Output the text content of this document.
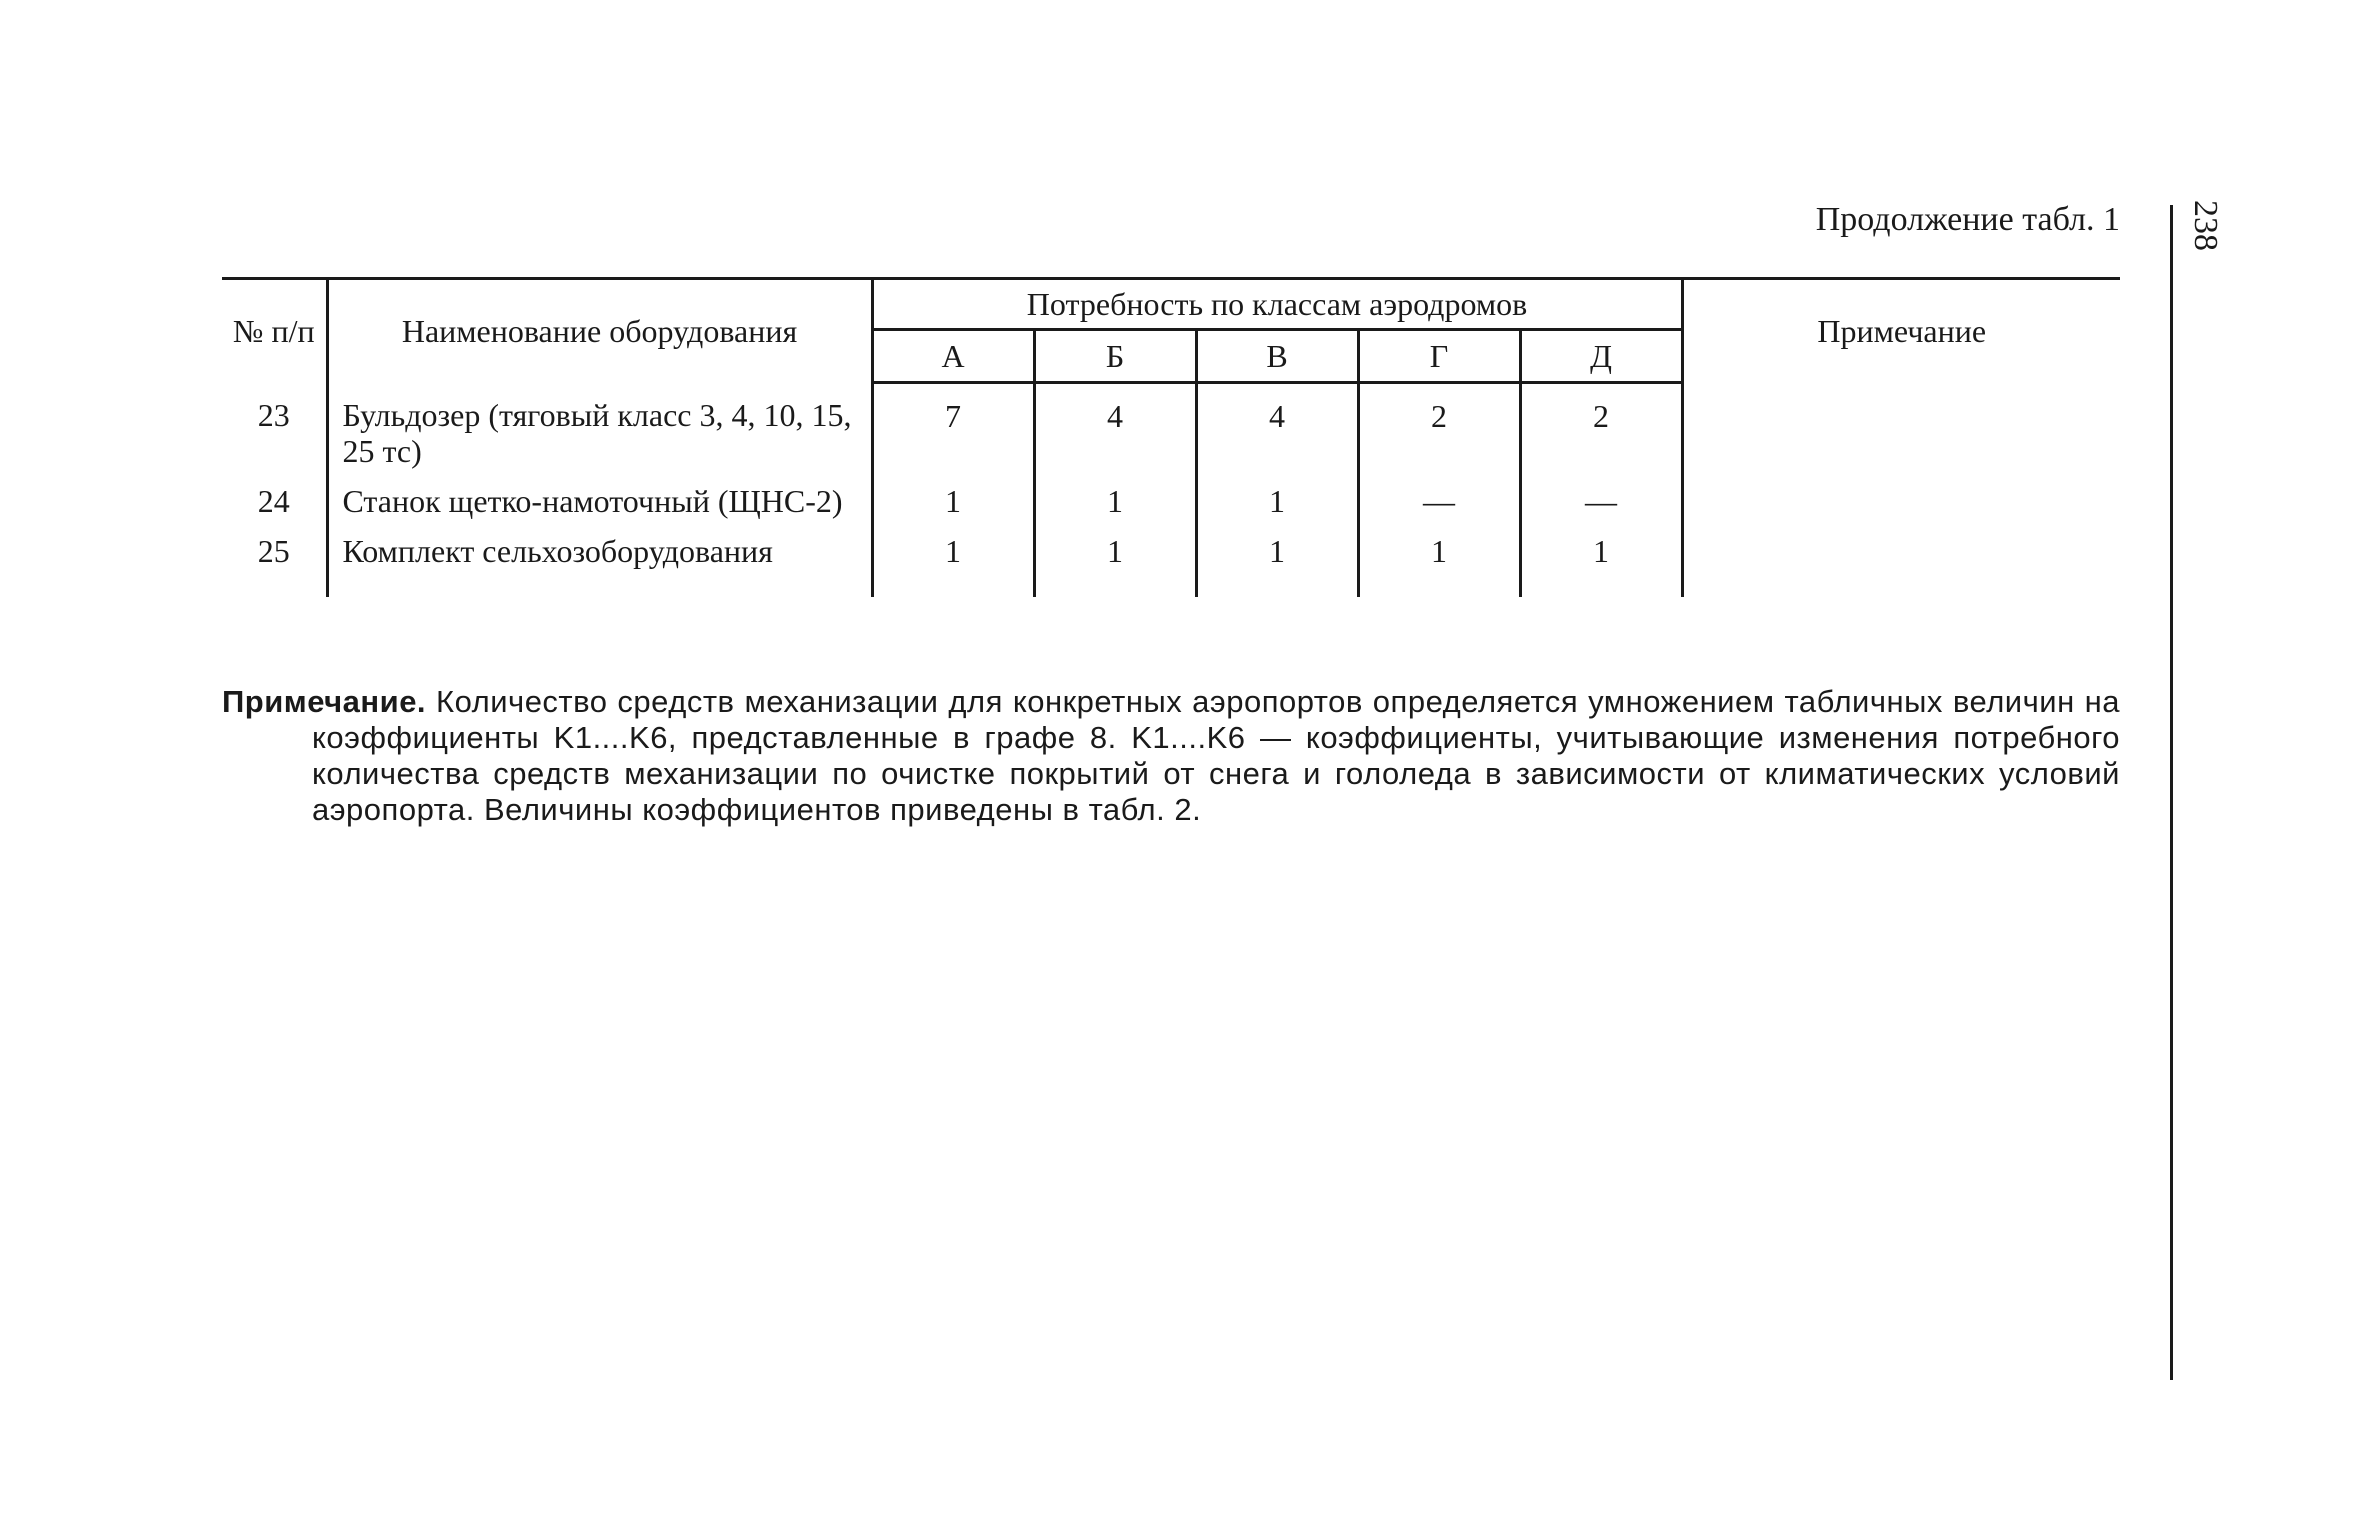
Продолжение табл. 1 238
№ п/п	Наименование оборудования	Потребность по классам аэродромов					Примечание
		А	Б	В	Г	Д	
23	Бульдозер (тяговый класс 3, 4, 10, 15, 25 тс)	7	4	4	2	2	
24	Станок щетко-намоточный (ЩНС-2)	1	1	1	—	—	
25	Комплект сельхозоборудования	1	1	1	1	1	
Примечание. Количество средств механизации для конкретных аэропортов определяется умножением табличных величин на коэффициенты K1....K6, представленные в графе 8. K1....K6 — коэффициенты, учитывающие изменения потребного количества средств механизации по очистке покрытий от снега и гололеда в зависимости от климатических условий аэропорта. Величины коэффициентов приведены в табл. 2.
